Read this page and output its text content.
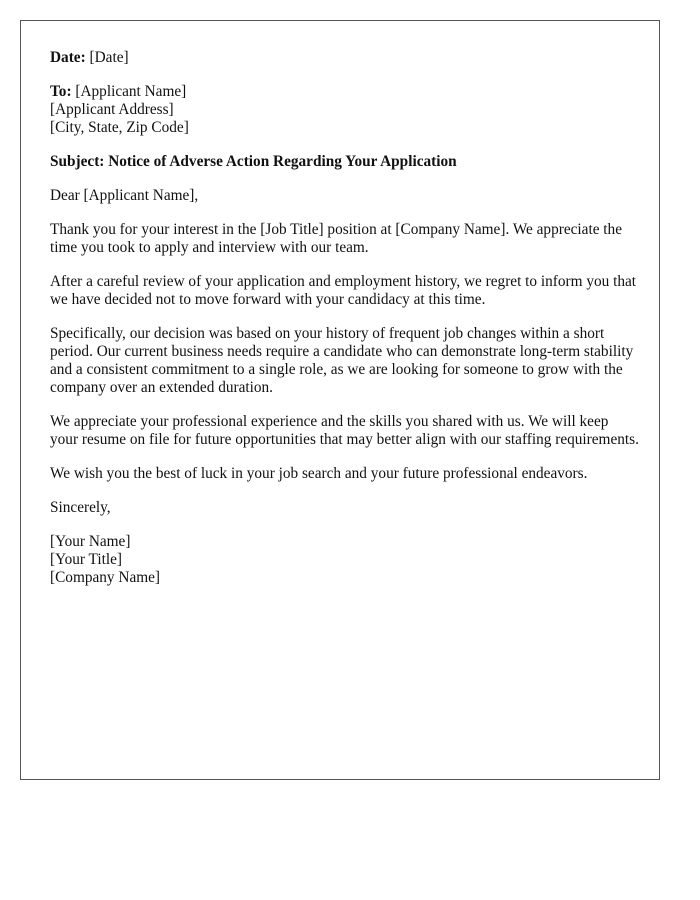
Date: [Date]
To: [Applicant Name]
[Applicant Address]
[City, State, Zip Code]
Subject: Notice of Adverse Action Regarding Your Application

Dear [Applicant Name],

Thank you for your interest in the [Job Title] position at [Company Name]. We appreciate the time you took to apply and interview with our team.

After a careful review of your application and employment history, we regret to inform you that we have decided not to move forward with your candidacy at this time.

Specifically, our decision was based on your history of frequent job changes within a short period. Our current business needs require a candidate who can demonstrate long-term stability and a consistent commitment to a single role, as we are looking for someone to grow with the company over an extended duration.

We appreciate your professional experience and the skills you shared with us. We will keep your resume on file for future opportunities that may better align with our staffing requirements.

We wish you the best of luck in your job search and your future professional endeavors.

Sincerely,

[Your Name]
[Your Title]
[Company Name]
